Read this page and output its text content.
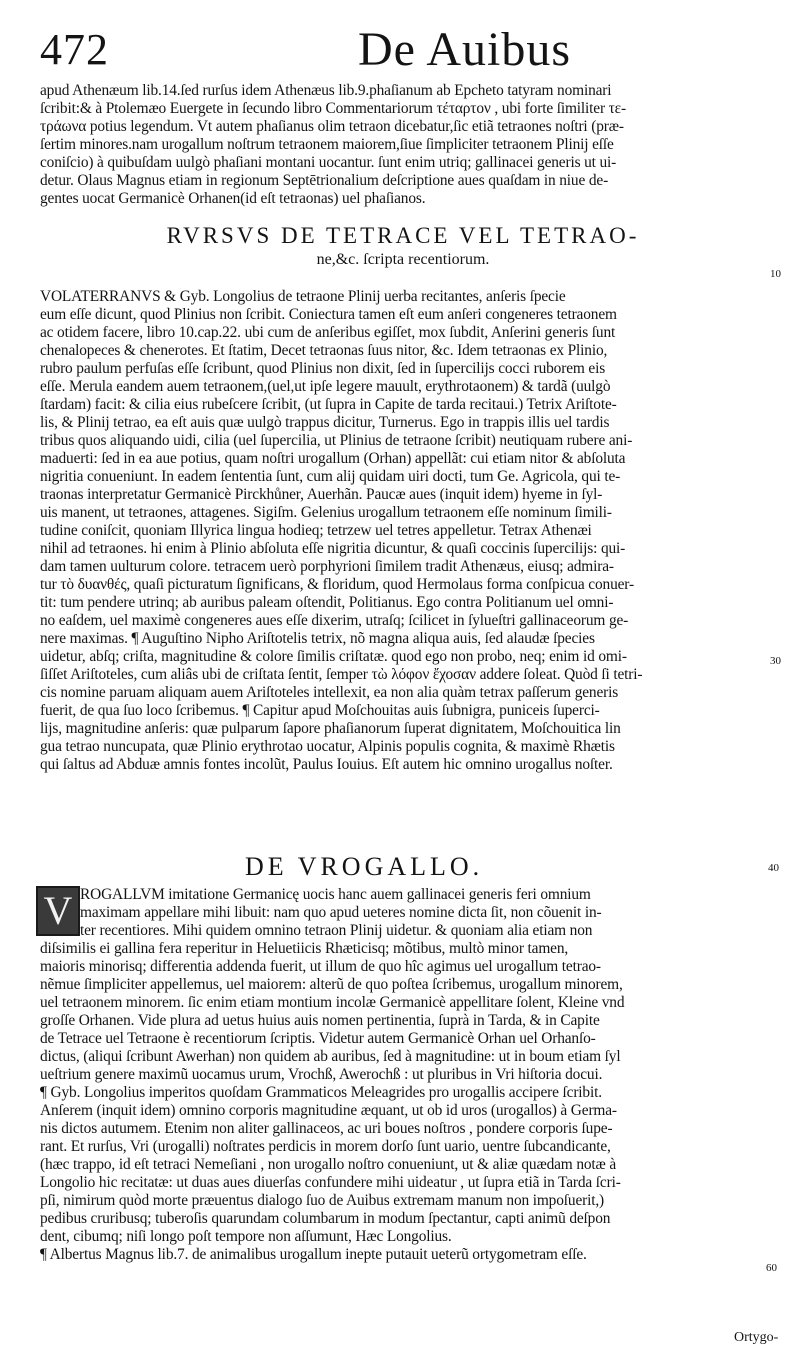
472	De Auibus
apud Athenæum lib.14.ſed rurſus idem Athenæus lib.9.phaſianum ab Epcheto tatyram nominari
ſcribit:& à Ptolemæo Euergete in ſecundo libro Commentariorum τέταρτον , ubi forte ſimiliter τε-
τράωνα potius legendum. Vt autem phaſianus olim tetraon dicebatur,ſic etiã tetraones noſtri (præ-
ſertim minores.nam urogallum noſtrum tetraonem maiorem,ſiue ſimpliciter tetraonem Plinij eſſe
coniſcio) à quibuſdam uulgò phaſiani montani uocantur. ſunt enim utriq; gallinacei generis ut ui-
detur. Olaus Magnus etiam in regionum Septētrionalium deſcriptione aues quaſdam in niue de-
gentes uocat Germanicè Orhanen(id eſt tetraonas) uel phaſianos.
RVRSVS DE TETRACE VEL TETRAO-
ne,&c. ſcripta recentiorum.
10
VOLATERRANVS & Gyb. Longolius de tetraone Plinij uerba recitantes, anſeris ſpecie
eum eſſe dicunt, quod Plinius non ſcribit. Coniectura tamen eſt eum anſeri congeneres tetraonem
ac otidem facere, libro 10.cap.22. ubi cum de anſeribus egiſſet, mox ſubdit, Anſerini generis ſunt
chenalopeces & chenerotes. Et ſtatim, Decet tetraonas ſuus nitor, &c. Idem tetraonas ex Plinio,
rubro paulum perfuſas eſſe ſcribunt, quod Plinius non dixit, ſed in ſupercilijs cocci ruborem eis
eſſe. Merula eandem auem tetraonem,(uel,ut ipſe legere mauult, erythrotaonem) & tardã (uulgò
ſtardam) facit: & cilia eius rubeſcere ſcribit, (ut ſupra in Capite de tarda recitaui.) Tetrix Ariſtote-
lis, & Plinij tetrao, ea eſt auis quæ uulgò trappus dicitur, Turnerus. Ego in trappis illis uel tardis
tribus quos aliquando uidi, cilia (uel ſupercilia, ut Plinius de tetraone ſcribit) neutiquam rubere ani-
maduerti: ſed in ea aue potius, quam noſtri urogallum (Orhan) appellãt: cui etiam nitor & abſoluta
nigritia conueniunt. In eadem ſententia ſunt, cum alij quidam uiri docti, tum Ge. Agricola, qui te-
traonas interpretatur Germanicè Pirckhůner, Auerhãn. Paucæ aues (inquit idem) hyeme in ſyl-
uis manent, ut tetraones, attagenes. Sigiſm. Gelenius urogallum tetraonem eſſe nominum ſimili-
tudine coniſcit, quoniam Illyrica lingua hodieq; tetrzew uel tetres appelletur. Tetrax Athenæi
nihil ad tetraones. hi enim à Plinio abſoluta eſſe nigritia dicuntur, & quaſi coccinis ſupercilijs: qui-
dam tamen uulturum colore. tetracem uerò porphyrioni ſimilem tradit Athenæus, eiusq; admira-
tur τὸ δυανθές, quaſi picturatum ſignificans, & floridum, quod Hermolaus forma conſpicua conuer-
tit: tum pendere utrinq; ab auribus paleam oſtendit, Politianus. Ego contra Politianum uel omni-
no eaſdem, uel maximè congeneres aues eſſe dixerim, utraſq; ſcilicet in ſylueſtri gallinaceorum ge-
nere maximas. ¶ Auguſtino Nipho Ariſtotelis tetrix, nõ magna aliqua auis, ſed alaudæ ſpecies
uidetur, abſq; criſta, magnitudine & colore ſimilis criſtatæ. quod ego non probo, neq; enim id omi-
ſiſſet Ariſtoteles, cum aliâs ubi de criſtata ſentit, ſemper τὼ λόφον ἔχοσαν addere ſoleat. Quòd ſi tetri-
cis nomine paruam aliquam auem Ariſtoteles intellexit, ea non alia quàm tetrax paſſerum generis
fuerit, de qua ſuo loco ſcribemus. ¶ Capitur apud Moſchouitas auis ſubnigra, puniceis ſuperci-
lijs, magnitudine anſeris: quæ pulparum ſapore phaſianorum ſuperat dignitatem, Moſchouitica lin
gua tetrao nuncupata, quæ Plinio erythrotao uocatur, Alpinis populis cognita, & maximè Rhætis
qui ſaltus ad Abduæ amnis fontes incolũt, Paulus Iouius. Eſt autem hic omnino urogallus noſter.
30
DE VROGALLO.	40
V ROGALLVM imitatione Germanicę uocis hanc auem gallinacei generis feri omnium
maximam appellare mihi libuit: nam quo apud ueteres nomine dicta ſit, non cõuenit in-
ter recentiores. Mihi quidem omnino tetraon Plinij uidetur. & quoniam alia etiam non
diſsimilis ei gallina fera reperitur in Heluetiicis Rhæticisq; mõtibus, multò minor tamen,
maioris minorisq; differentia addenda fuerit, ut illum de quo hîc agimus uel urogallum tetrao-
nẽmue ſimpliciter appellemus, uel maiorem: alterũ de quo poſtea ſcribemus, urogallum minorem,
uel tetraonem minorem. ſic enim etiam montium incolæ Germanicè appellitare ſolent, Kleine vnd
groſſe Orhanen. Vide plura ad uetus huius auis nomen pertinentia, ſuprà in Tarda, & in Capite
de Tetrace uel Tetraone è recentiorum ſcriptis. Videtur autem Germanicè Orhan uel Orhanſo-
dictus, (aliqui ſcribunt Awerhan) non quidem ab auribus, ſed à magnitudine: ut in boum etiam ſyl
ueſtrium genere maximũ uocamus urum, Vrochß, Awerochß : ut pluribus in Vri hiſtoria docui.
¶ Gyb. Longolius imperitos quoſdam Grammaticos Meleagrides pro urogallis accipere ſcribit.
Anſerem (inquit idem) omnino corporis magnitudine æquant, ut ob id uros (urogallos) à Germa-
nis dictos autumem. Etenim non aliter gallinaceos, ac uri boues noſtros , pondere corporis ſupe-
rant. Et rurſus, Vri (urogalli) noſtrates perdicis in morem dorſo ſunt uario, uentre ſubcandicante,
(hæc trappo, id eſt tetraci Nemeſiani , non urogallo noſtro conueniunt, ut & aliæ quædam notæ à
Longolio hic recitatæ: ut duas aues diuerſas confundere mihi uideatur , ut ſupra etiã in Tarda ſcri-
pſi, nimirum quòd morte præuentus dialogo ſuo de Auibus extremam manum non impoſuerit,)
pedibus cruribusq; tuberoſis quarundam columbarum in modum ſpectantur, capti animũ deſpon
dent, cibumq; niſi longo poſt tempore non aſſumunt, Hæc Longolius.
¶ Albertus Magnus lib.7. de animalibus urogallum inepte putauit ueterũ ortygometram eſſe.
60
Ortygo-
